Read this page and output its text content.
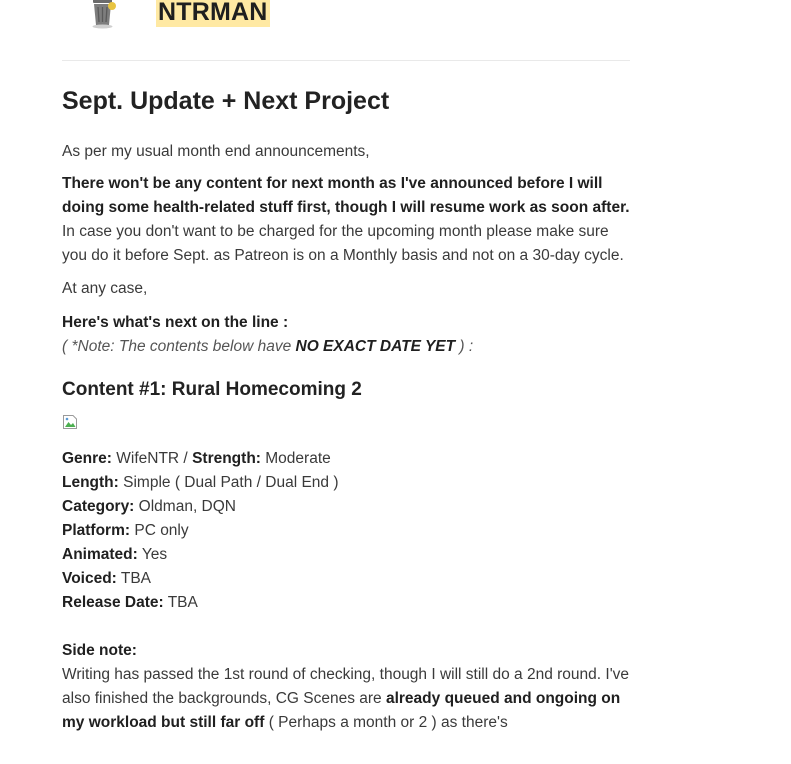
NTRMAN
Sept. Update + Next Project

As per my usual month end announcements,

There won't be any content for next month as I've announced before I will doing some health-related stuff first, though I will resume work as soon after. In case you don't want to be charged for the upcoming month please make sure you do it before Sept. as Patreon is on a Monthly basis and not on a 30-day cycle.

At any case,

Here's what's next on the line :
( *Note: The contents below have NO EXACT DATE YET ) :

Content #1: Rural Homecoming 2

Genre: WifeNTR / Strength: Moderate
Length: Simple ( Dual Path / Dual End )
Category: Oldman, DQN
Platform: PC only
Animated: Yes
Voiced: TBA
Release Date: TBA

Side note:
Writing has passed the 1st round of checking, though I will still do a 2nd round. I've also finished the backgrounds, CG Scenes are already queued and ongoing on my workload but still far off ( Perhaps a month or 2 ) as there's
